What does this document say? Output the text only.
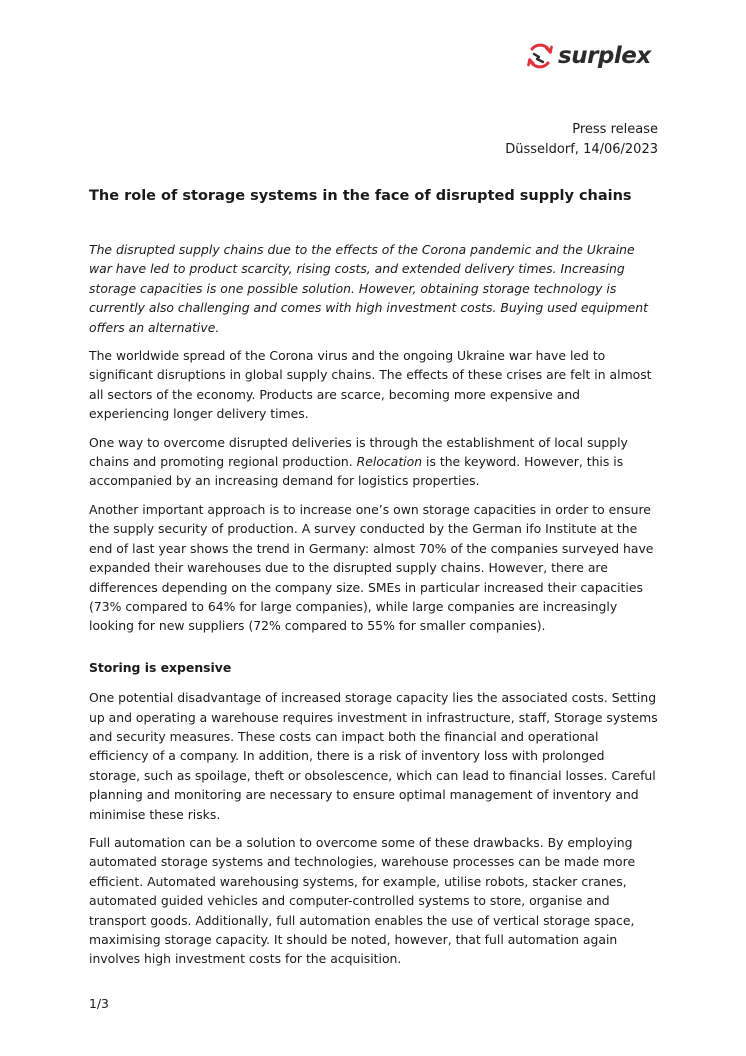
surplex
Press release
Düsseldorf, 14/06/2023
The role of storage systems in the face of disrupted supply chains

The disrupted supply chains due to the effects of the Corona pandemic and the Ukraine war have led to product scarcity, rising costs, and extended delivery times. Increasing storage capacities is one possible solution. However, obtaining storage technology is currently also challenging and comes with high investment costs. Buying used equipment offers an alternative.

The worldwide spread of the Corona virus and the ongoing Ukraine war have led to significant disruptions in global supply chains. The effects of these crises are felt in almost all sectors of the economy. Products are scarce, becoming more expensive and experiencing longer delivery times.

One way to overcome disrupted deliveries is through the establishment of local supply chains and promoting regional production. Relocation is the keyword. However, this is accompanied by an increasing demand for logistics properties.

Another important approach is to increase one’s own storage capacities in order to ensure the supply security of production. A survey conducted by the German ifo Institute at the end of last year shows the trend in Germany: almost 70% of the companies surveyed have expanded their warehouses due to the disrupted supply chains. However, there are differences depending on the company size. SMEs in particular increased their capacities (73% compared to 64% for large companies), while large companies are increasingly looking for new suppliers (72% compared to 55% for smaller companies).

Storing is expensive

One potential disadvantage of increased storage capacity lies the associated costs. Setting up and operating a warehouse requires investment in infrastructure, staff, Storage systems and security measures. These costs can impact both the financial and operational efficiency of a company. In addition, there is a risk of inventory loss with prolonged storage, such as spoilage, theft or obsolescence, which can lead to financial losses. Careful planning and monitoring are necessary to ensure optimal management of inventory and minimise these risks.

Full automation can be a solution to overcome some of these drawbacks. By employing automated storage systems and technologies, warehouse processes can be made more efficient. Automated warehousing systems, for example, utilise robots, stacker cranes, automated guided vehicles and computer-controlled systems to store, organise and transport goods. Additionally, full automation enables the use of vertical storage space, maximising storage capacity. It should be noted, however, that full automation again involves high investment costs for the acquisition.

1/3
